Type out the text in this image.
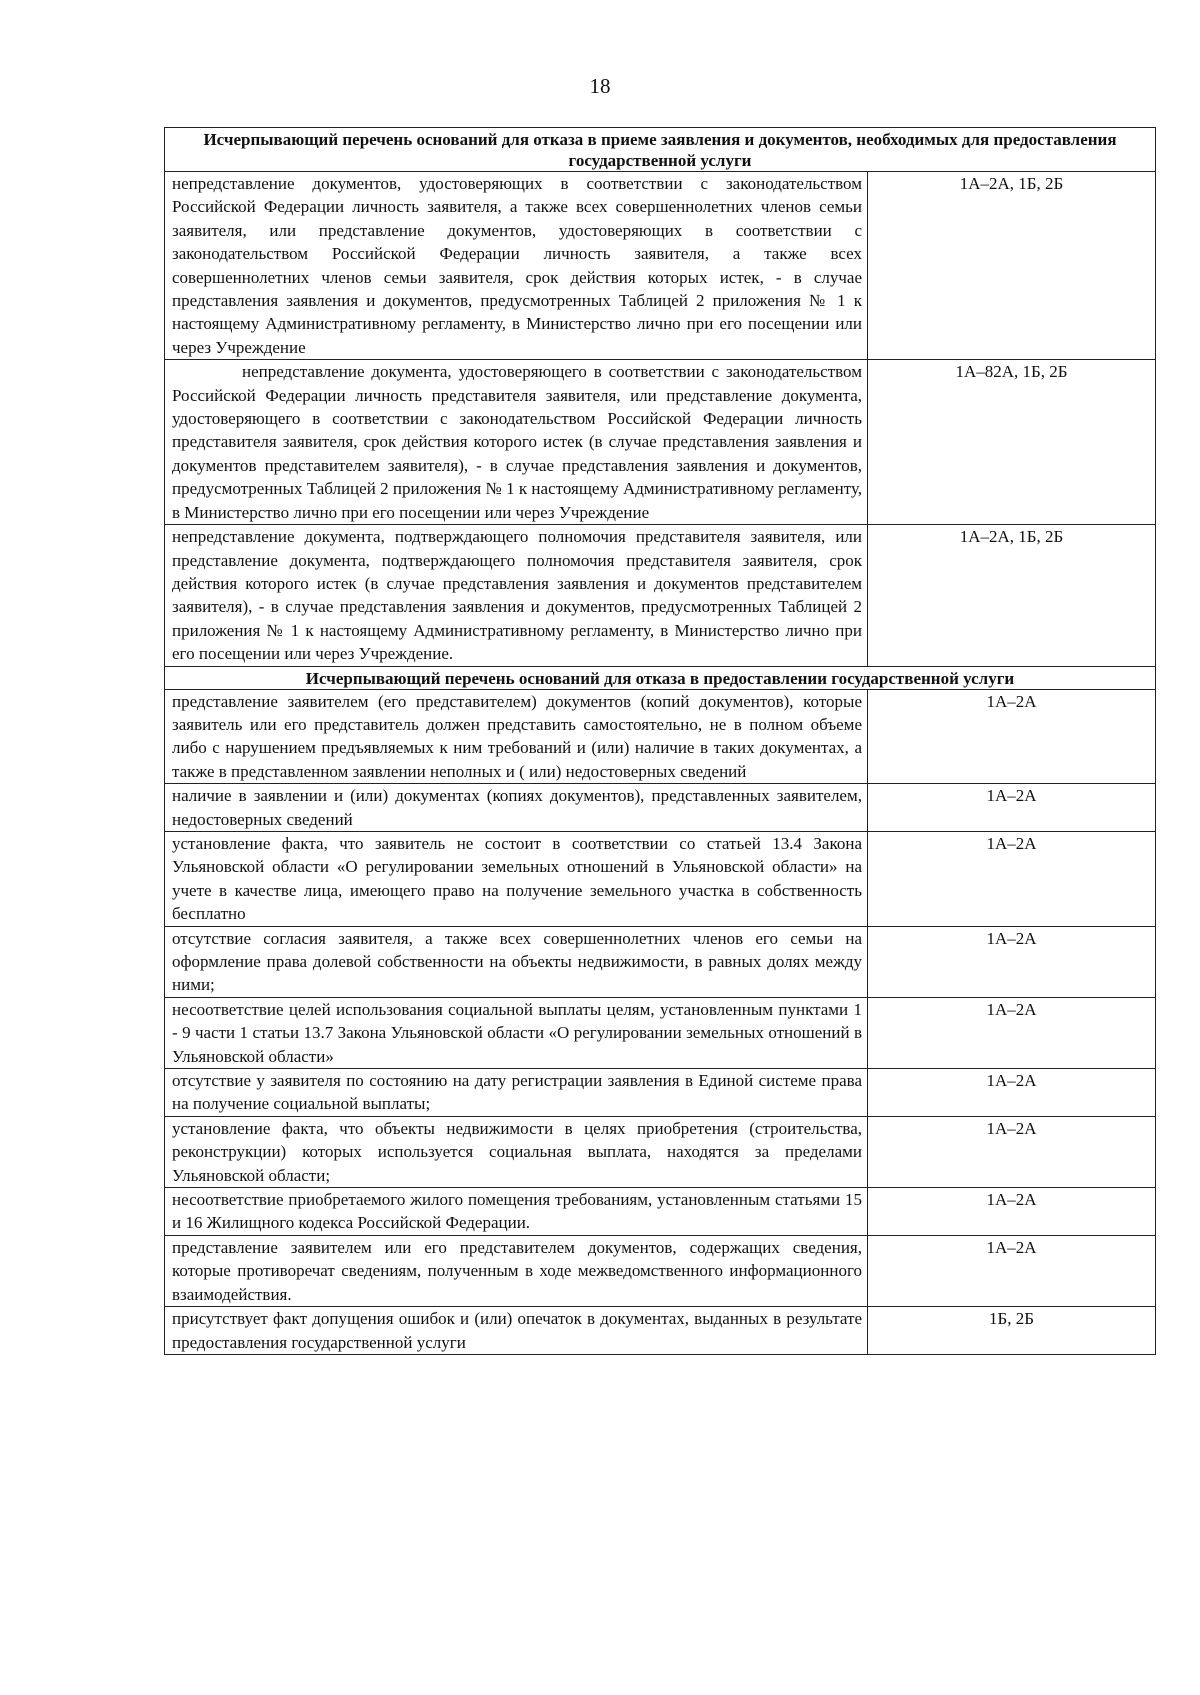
18
Исчерпывающий перечень оснований для отказа в приеме заявления и документов, необходимых для предоставления государственной услуги	
непредставление документов, удостоверяющих в соответствии с законодательством Российской Федерации личность заявителя, а также всех совершеннолетних членов семьи заявителя, или представление документов, удостоверяющих в соответствии с законодательством Российской Федерации личность заявителя, а также всех совершеннолетних членов семьи заявителя, срок действия которых истек, - в случае представления заявления и документов, предусмотренных Таблицей 2 приложения № 1 к настоящему Административному регламенту, в Министерство лично при его посещении или через Учреждение	1А–2А, 1Б, 2Б
непредставление документа, удостоверяющего в соответствии с законодательством Российской Федерации личность представителя заявителя, или представление документа, удостоверяющего в соответствии с законодательством Российской Федерации личность представителя заявителя, срок действия которого истек (в случае представления заявления и документов представителем заявителя), - в случае представления заявления и документов, предусмотренных Таблицей 2 приложения № 1 к настоящему Административному регламенту, в Министерство лично при его посещении или через Учреждение	1А–82А, 1Б, 2Б
непредставление документа, подтверждающего полномочия представителя заявителя, или представление документа, подтверждающего полномочия представителя заявителя, срок действия которого истек (в случае представления заявления и документов представителем заявителя), - в случае представления заявления и документов, предусмотренных Таблицей 2 приложения № 1 к настоящему Административному регламенту, в Министерство лично при его посещении или через Учреждение.	1А–2А, 1Б, 2Б
Исчерпывающий перечень оснований для отказа в предоставлении государственной услуги	
представление заявителем (его представителем) документов (копий документов), которые заявитель или его представитель должен представить самостоятельно, не в полном объеме либо с нарушением предъявляемых к ним требований и (или) наличие в таких документах, а также в представленном заявлении неполных и ( или) недостоверных сведений	1А–2А
наличие в заявлении и (или) документах (копиях документов), представленных заявителем, недостоверных сведений	1А–2А
установление факта, что заявитель не состоит в соответствии со статьей 13.4 Закона Ульяновской области «О регулировании земельных отношений в Ульяновской области» на учете в качестве лица, имеющего право на получение земельного участка в собственность бесплатно	1А–2А
отсутствие согласия заявителя, а также всех совершеннолетних членов его семьи на оформление права долевой собственности на объекты недвижимости, в равных долях между ними;	1А–2А
несоответствие целей использования социальной выплаты целям, установленным пунктами 1 - 9 части 1 статьи 13.7 Закона Ульяновской области «О регулировании земельных отношений в Ульяновской области»	1А–2А
отсутствие у заявителя по состоянию на дату регистрации заявления в Единой системе права на получение социальной выплаты;	1А–2А
установление факта, что объекты недвижимости в целях приобретения (строительства, реконструкции) которых используется социальная выплата, находятся за пределами Ульяновской области;	1А–2А
несоответствие приобретаемого жилого помещения требованиям, установленным статьями 15 и 16 Жилищного кодекса Российской Федерации.	1А–2А
представление заявителем или его представителем документов, содержащих сведения, которые противоречат сведениям, полученным в ходе межведомственного информационного взаимодействия.	1А–2А
присутствует факт допущения ошибок и (или) опечаток в документах, выданных в результате предоставления государственной услуги	1Б, 2Б
